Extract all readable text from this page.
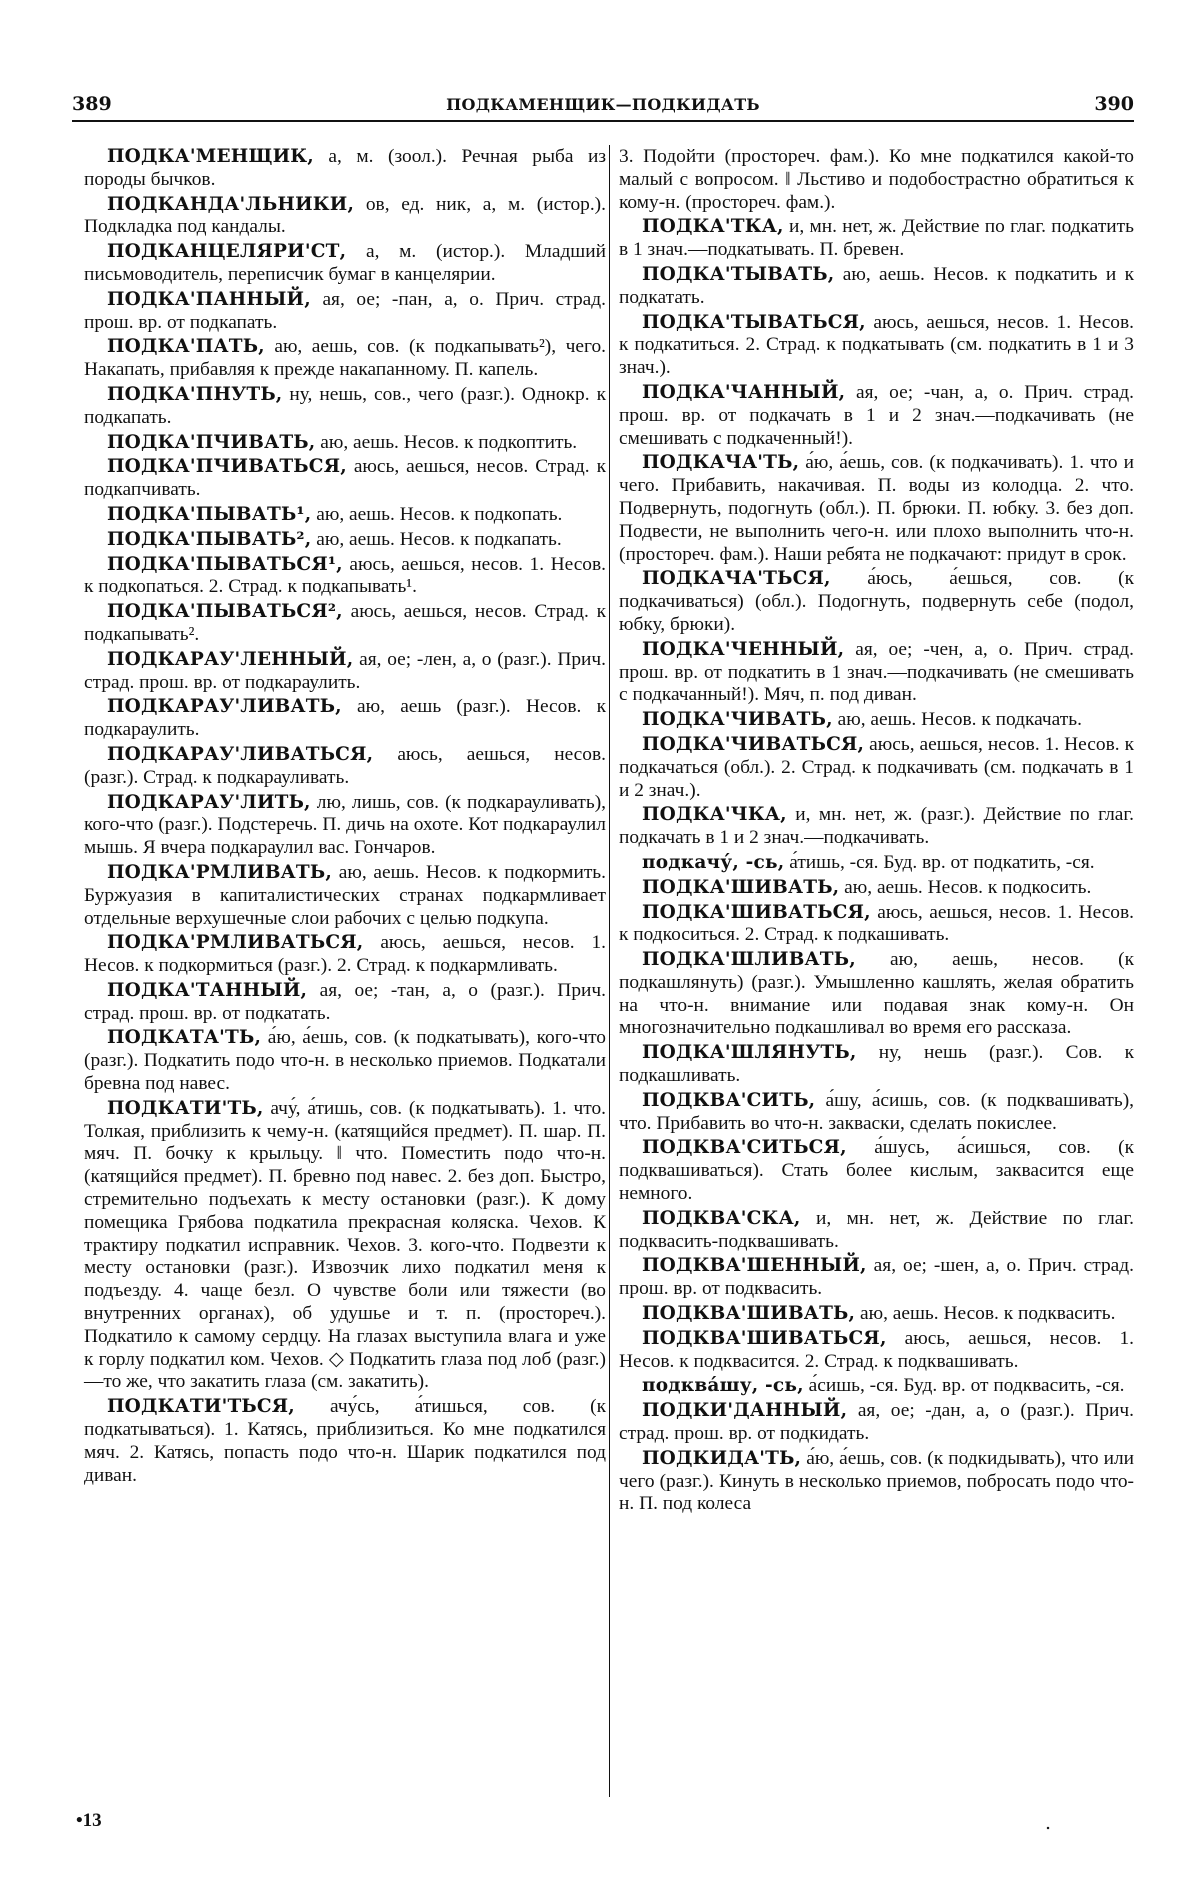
389	ПОДКАМЕНЩИК—ПОДКИДАТЬ	390

ПОДКА'МЕНЩИК, а, м. (зоол.). Речная рыба из породы бычков.

ПОДКАНДА'ЛЬНИКИ, ов, ед. ник, а, м. (истор.). Подкладка под кандалы.

ПОДКАНЦЕЛЯРИ'СТ, а, м. (истор.). Младший письмоводитель, переписчик бумаг в канцелярии.

ПОДКА'ПАННЫЙ, ая, ое; -пан, а, о. Прич. страд. прош. вр. от подкапать.

ПОДКА'ПАТЬ, аю, аешь, сов. (к подкапывать²), чего. Накапать, прибавляя к прежде накапанному. П. капель.

ПОДКА'ПНУТЬ, ну, нешь, сов., чего (разг.). Однокр. к подкапать.

ПОДКА'ПЧИВАТЬ, аю, аешь. Несов. к подкоптить.

ПОДКА'ПЧИВАТЬСЯ, аюсь, аешься, несов. Страд. к подкапчивать.

ПОДКА'ПЫВАТЬ¹, аю, аешь. Несов. к подкопать.

ПОДКА'ПЫВАТЬ², аю, аешь. Несов. к подкапать.

ПОДКА'ПЫВАТЬСЯ¹, аюсь, аешься, несов. 1. Несов. к подкопаться. 2. Страд. к подкапывать¹.

ПОДКА'ПЫВАТЬСЯ², аюсь, аешься, несов. Страд. к подкапывать².

ПОДКАРАУ'ЛЕННЫЙ, ая, ое; -лен, а, о (разг.). Прич. страд. прош. вр. от подкараулить.

ПОДКАРАУ'ЛИВАТЬ, аю, аешь (разг.). Несов. к подкараулить.

ПОДКАРАУ'ЛИВАТЬСЯ, аюсь, аешься, несов. (разг.). Страд. к подкарауливать.

ПОДКАРАУ'ЛИТЬ, лю, лишь, сов. (к подкарауливать), кого-что (разг.). Подстеречь. П. дичь на охоте. Кот подкараулил мышь. Я вчера подкараулил вас. Гончаров.

ПОДКА'РМЛИВАТЬ, аю, аешь. Несов. к подкормить. Буржуазия в капиталистических странах подкармливает отдельные верхушечные слои рабочих с целью подкупа.

ПОДКА'РМЛИВАТЬСЯ, аюсь, аешься, несов. 1. Несов. к подкормиться (разг.). 2. Страд. к подкармливать.

ПОДКА'ТАННЫЙ, ая, ое; -тан, а, о (разг.). Прич. страд. прош. вр. от подкатать.

ПОДКАТА'ТЬ, а́ю, а́ешь, сов. (к подкатывать), кого-что (разг.). Подкатить подо что-н. в несколько приемов. Подкатали бревна под навес.

ПОДКАТИ'ТЬ, ачу́, а́тишь, сов. (к подкатывать). 1. что. Толкая, приблизить к чему-н. (катящийся предмет). П. шар. П. мяч. П. бочку к крыльцу. ‖ что. Поместить подо что-н. (катящийся предмет). П. бревно под навес. 2. без доп. Быстро, стремительно подъехать к месту остановки (разг.). К дому помещика Грябова подкатила прекрасная коляска. Чехов. К трактиру подкатил исправник. Чехов. 3. кого-что. Подвезти к месту остановки (разг.). Извозчик лихо подкатил меня к подъезду. 4. чаще безл. О чувстве боли или тяжести (во внутренних органах), об удушье и т. п. (простореч.). Подкатило к самому сердцу. На глазах выступила влага и уже к горлу подкатил ком. Чехов. ◇ Подкатить глаза под лоб (разг.)—то же, что закатить глаза (см. закатить).

ПОДКАТИ'ТЬСЯ, ачу́сь, а́тишься, сов. (к подкатываться). 1. Катясь, приблизиться. Ко мне подкатился мяч. 2. Катясь, попасть подо что-н. Шарик подкатился под диван.

3. Подойти (простореч. фам.). Ко мне подкатился какой-то малый с вопросом. ‖ Льстиво и подобострастно обратиться к кому-н. (простореч. фам.).

ПОДКА'ТКА, и, мн. нет, ж. Действие по глаг. подкатить в 1 знач.—подкатывать. П. бревен.

ПОДКА'ТЫВАТЬ, аю, аешь. Несов. к подкатить и к подкатать.

ПОДКА'ТЫВАТЬСЯ, аюсь, аешься, несов. 1. Несов. к подкатиться. 2. Страд. к подкатывать (см. подкатить в 1 и 3 знач.).

ПОДКА'ЧАННЫЙ, ая, ое; -чан, а, о. Прич. страд. прош. вр. от подкачать в 1 и 2 знач.—подкачивать (не смешивать с подкаченный!).

ПОДКАЧА'ТЬ, а́ю, а́ешь, сов. (к подкачивать). 1. что и чего. Прибавить, накачивая. П. воды из колодца. 2. что. Подвернуть, подогнуть (обл.). П. брюки. П. юбку. 3. без доп. Подвести, не выполнить чего-н. или плохо выполнить что-н. (простореч. фам.). Наши ребята не подкачают: придут в срок.

ПОДКАЧА'ТЬСЯ, а́юсь, а́ешься, сов. (к подкачиваться) (обл.). Подогнуть, подвернуть себе (подол, юбку, брюки).

ПОДКА'ЧЕННЫЙ, ая, ое; -чен, а, о. Прич. страд. прош. вр. от подкатить в 1 знач.—подкачивать (не смешивать с подкачанный!). Мяч, п. под диван.

ПОДКА'ЧИВАТЬ, аю, аешь. Несов. к подкачать.

ПОДКА'ЧИВАТЬСЯ, аюсь, аешься, несов. 1. Несов. к подкачаться (обл.). 2. Страд. к подкачивать (см. подкачать в 1 и 2 знач.).

ПОДКА'ЧКА, и, мн. нет, ж. (разг.). Действие по глаг. подкачать в 1 и 2 знач.—подкачивать.

подкачу́, -сь, а́тишь, -ся. Буд. вр. от подкатить, -ся.

ПОДКА'ШИВАТЬ, аю, аешь. Несов. к подкосить.

ПОДКА'ШИВАТЬСЯ, аюсь, аешься, несов. 1. Несов. к подкоситься. 2. Страд. к подкашивать.

ПОДКА'ШЛИВАТЬ, аю, аешь, несов. (к подкашлянуть) (разг.). Умышленно кашлять, желая обратить на что-н. внимание или подавая знак кому-н. Он многозначительно подкашливал во время его рассказа.

ПОДКА'ШЛЯНУТЬ, ну, нешь (разг.). Сов. к подкашливать.

ПОДКВА'СИТЬ, а́шу, а́сишь, сов. (к подквашивать), что. Прибавить во что-н. закваски, сделать покислее.

ПОДКВА'СИТЬСЯ, а́шусь, а́сишься, сов. (к подквашиваться). Стать более кислым, заквасится еще немного.

ПОДКВА'СКА, и, мн. нет, ж. Действие по глаг. подквасить-подквашивать.

ПОДКВА'ШЕННЫЙ, ая, ое; -шен, а, о. Прич. страд. прош. вр. от подквасить.

ПОДКВА'ШИВАТЬ, аю, аешь. Несов. к подквасить.

ПОДКВА'ШИВАТЬСЯ, аюсь, аешься, несов. 1. Несов. к подквасится. 2. Страд. к подквашивать.

подква́шу, -сь, а́сишь, -ся. Буд. вр. от подквасить, -ся.

ПОДКИ'ДАННЫЙ, ая, ое; -дан, а, о (разг.). Прич. страд. прош. вр. от подкидать.

ПОДКИДА'ТЬ, а́ю, а́ешь, сов. (к подкидывать), что или чего (разг.). Кинуть в несколько приемов, побросать подо что-н. П. под колеса

•13	.
